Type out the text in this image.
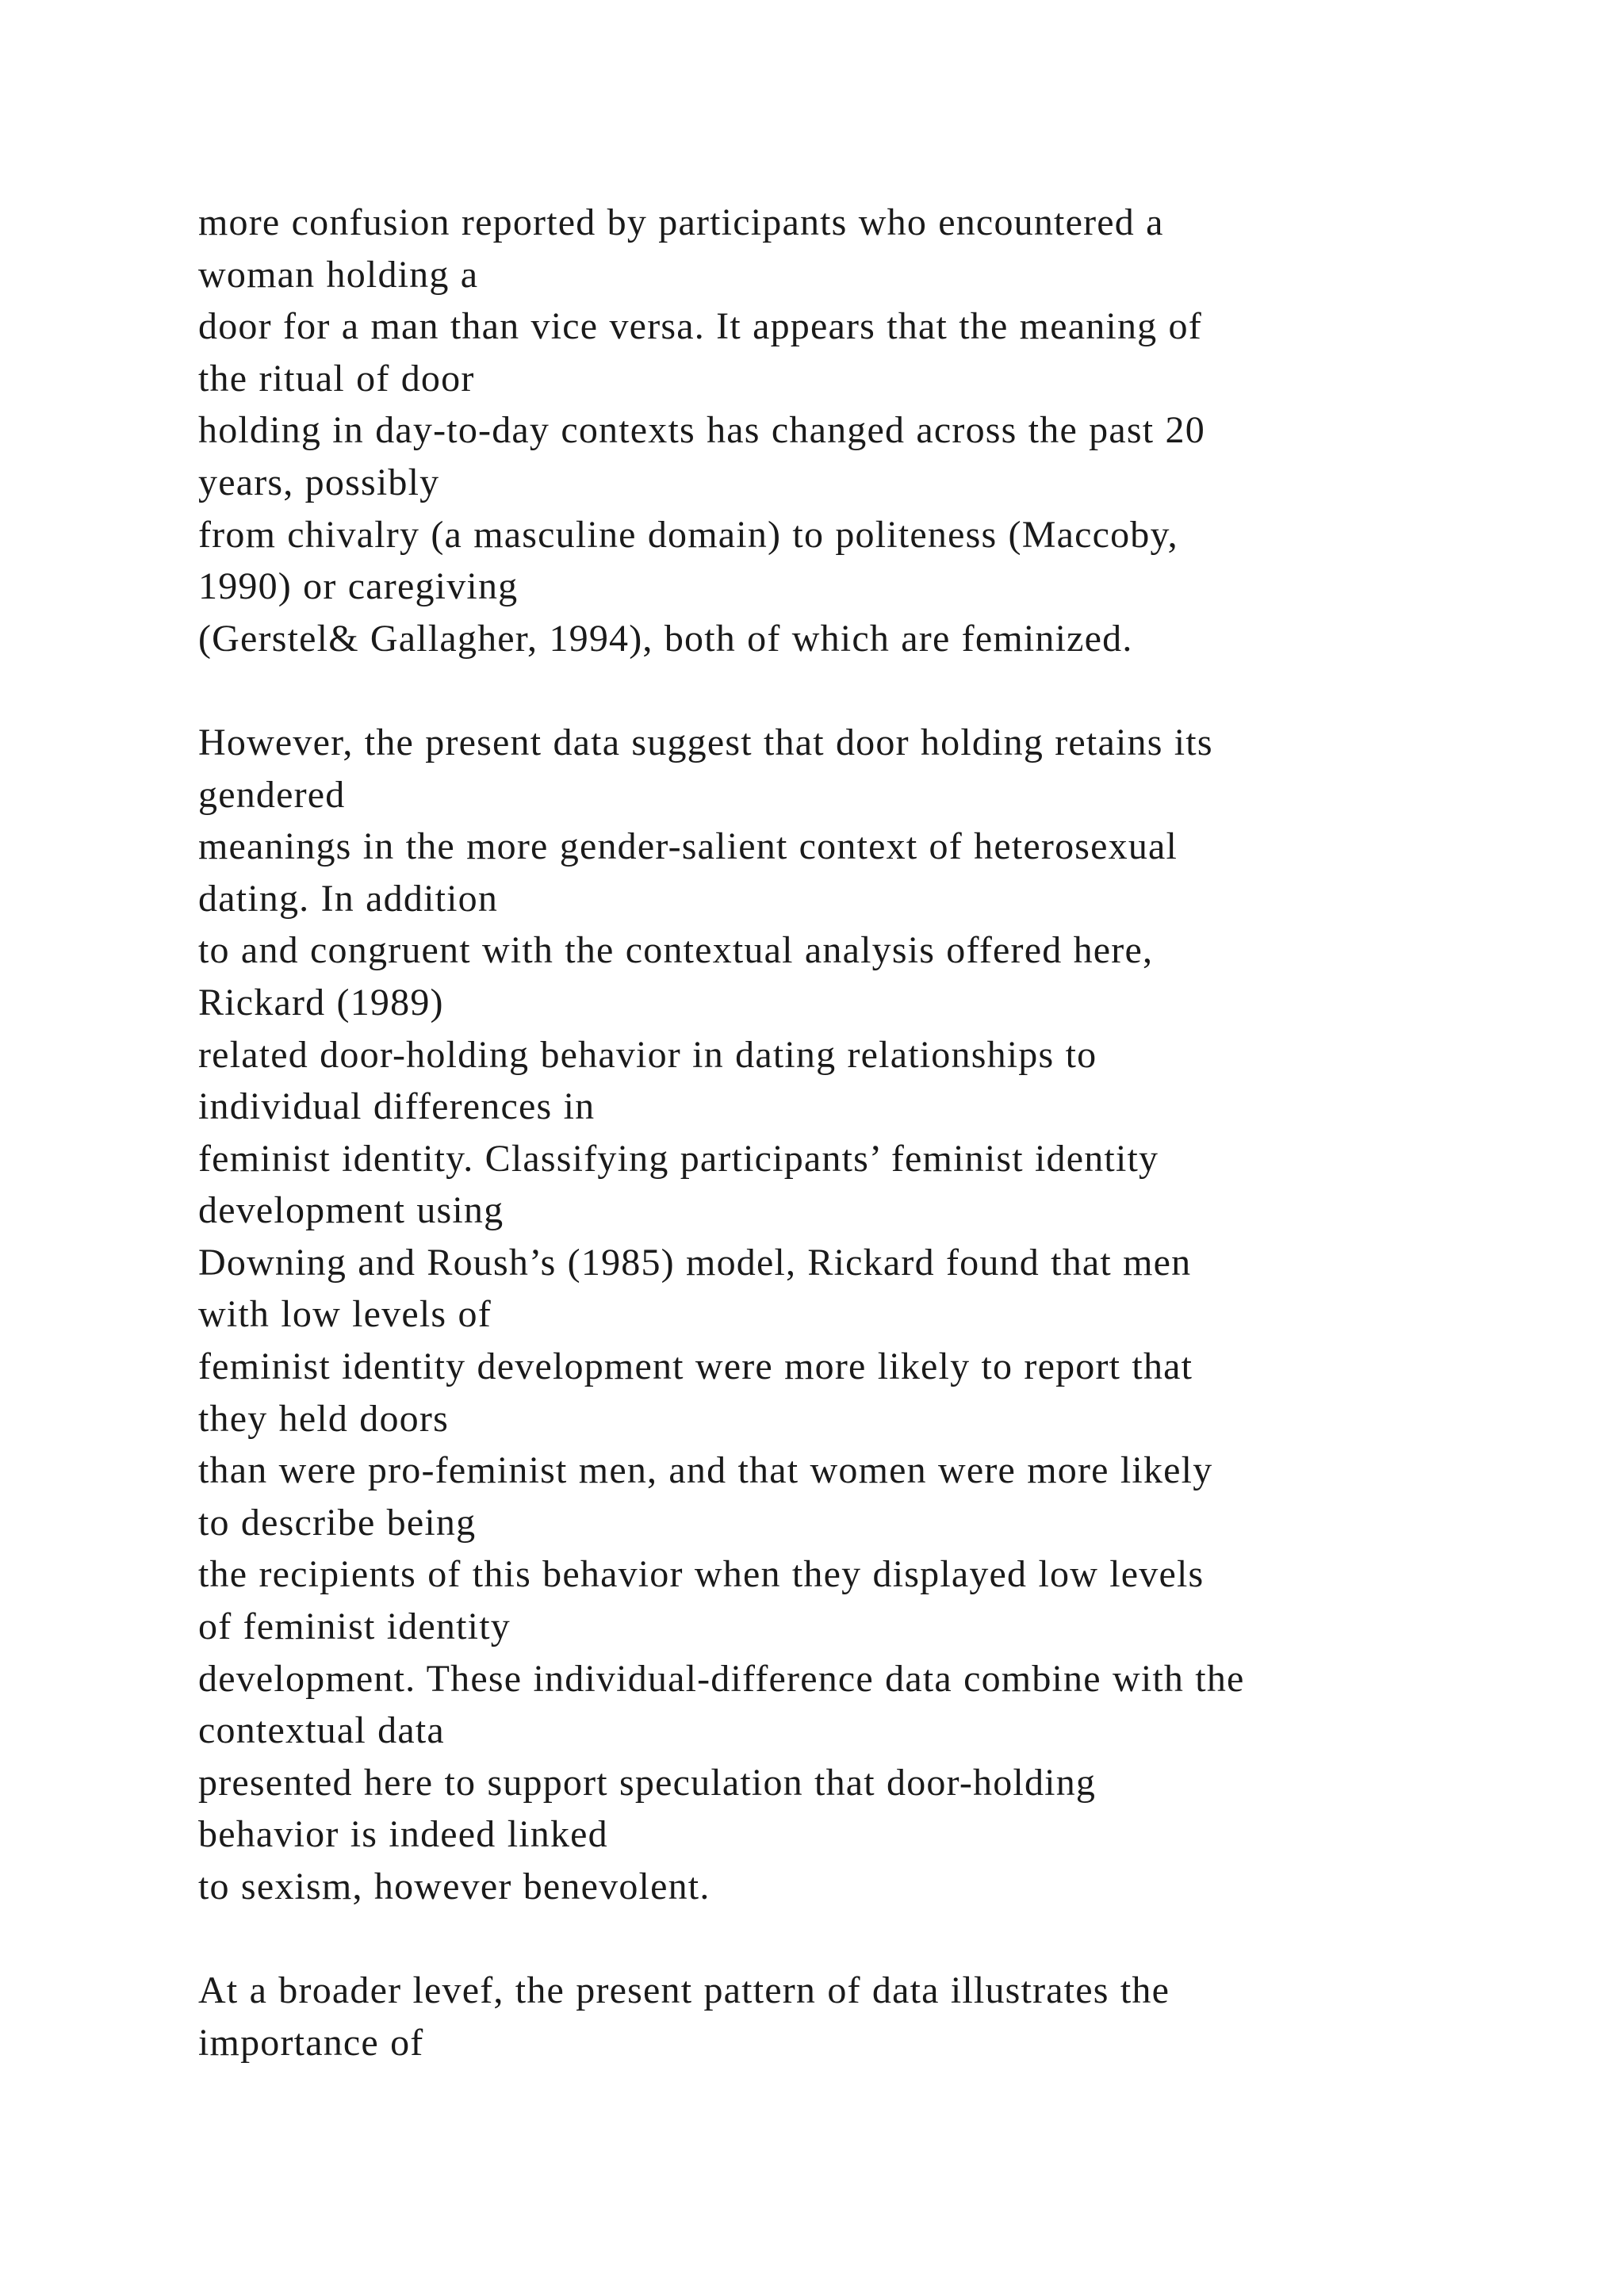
more confusion reported by participants who encountered a
woman holding a
door for a man than vice versa. It appears that the meaning of
the ritual of door
holding in day-to-day contexts has changed across the past 20
years, possibly
from chivalry (a masculine domain) to politeness (Maccoby,
1990) or caregiving
(Gerstel& Gallagher, 1994), both of which are feminized.
However, the present data suggest that door holding retains its
gendered
meanings in the more gender-salient context of heterosexual
dating. In addition
to and congruent with the contextual analysis offered here,
Rickard (1989)
related door-holding behavior in dating relationships to
individual differences in
feminist identity. Classifying participants’ feminist identity
development using
Downing and Roush’s (1985) model, Rickard found that men
with low levels of
feminist identity development were more likely to report that
they held doors
than were pro-feminist men, and that women were more likely
to describe being
the recipients of this behavior when they displayed low levels
of feminist identity
development. These individual-difference data combine with the
contextual data
presented here to support speculation that door-holding
behavior is indeed linked
to sexism, however benevolent.
At a broader levef, the present pattern of data illustrates the
importance of
